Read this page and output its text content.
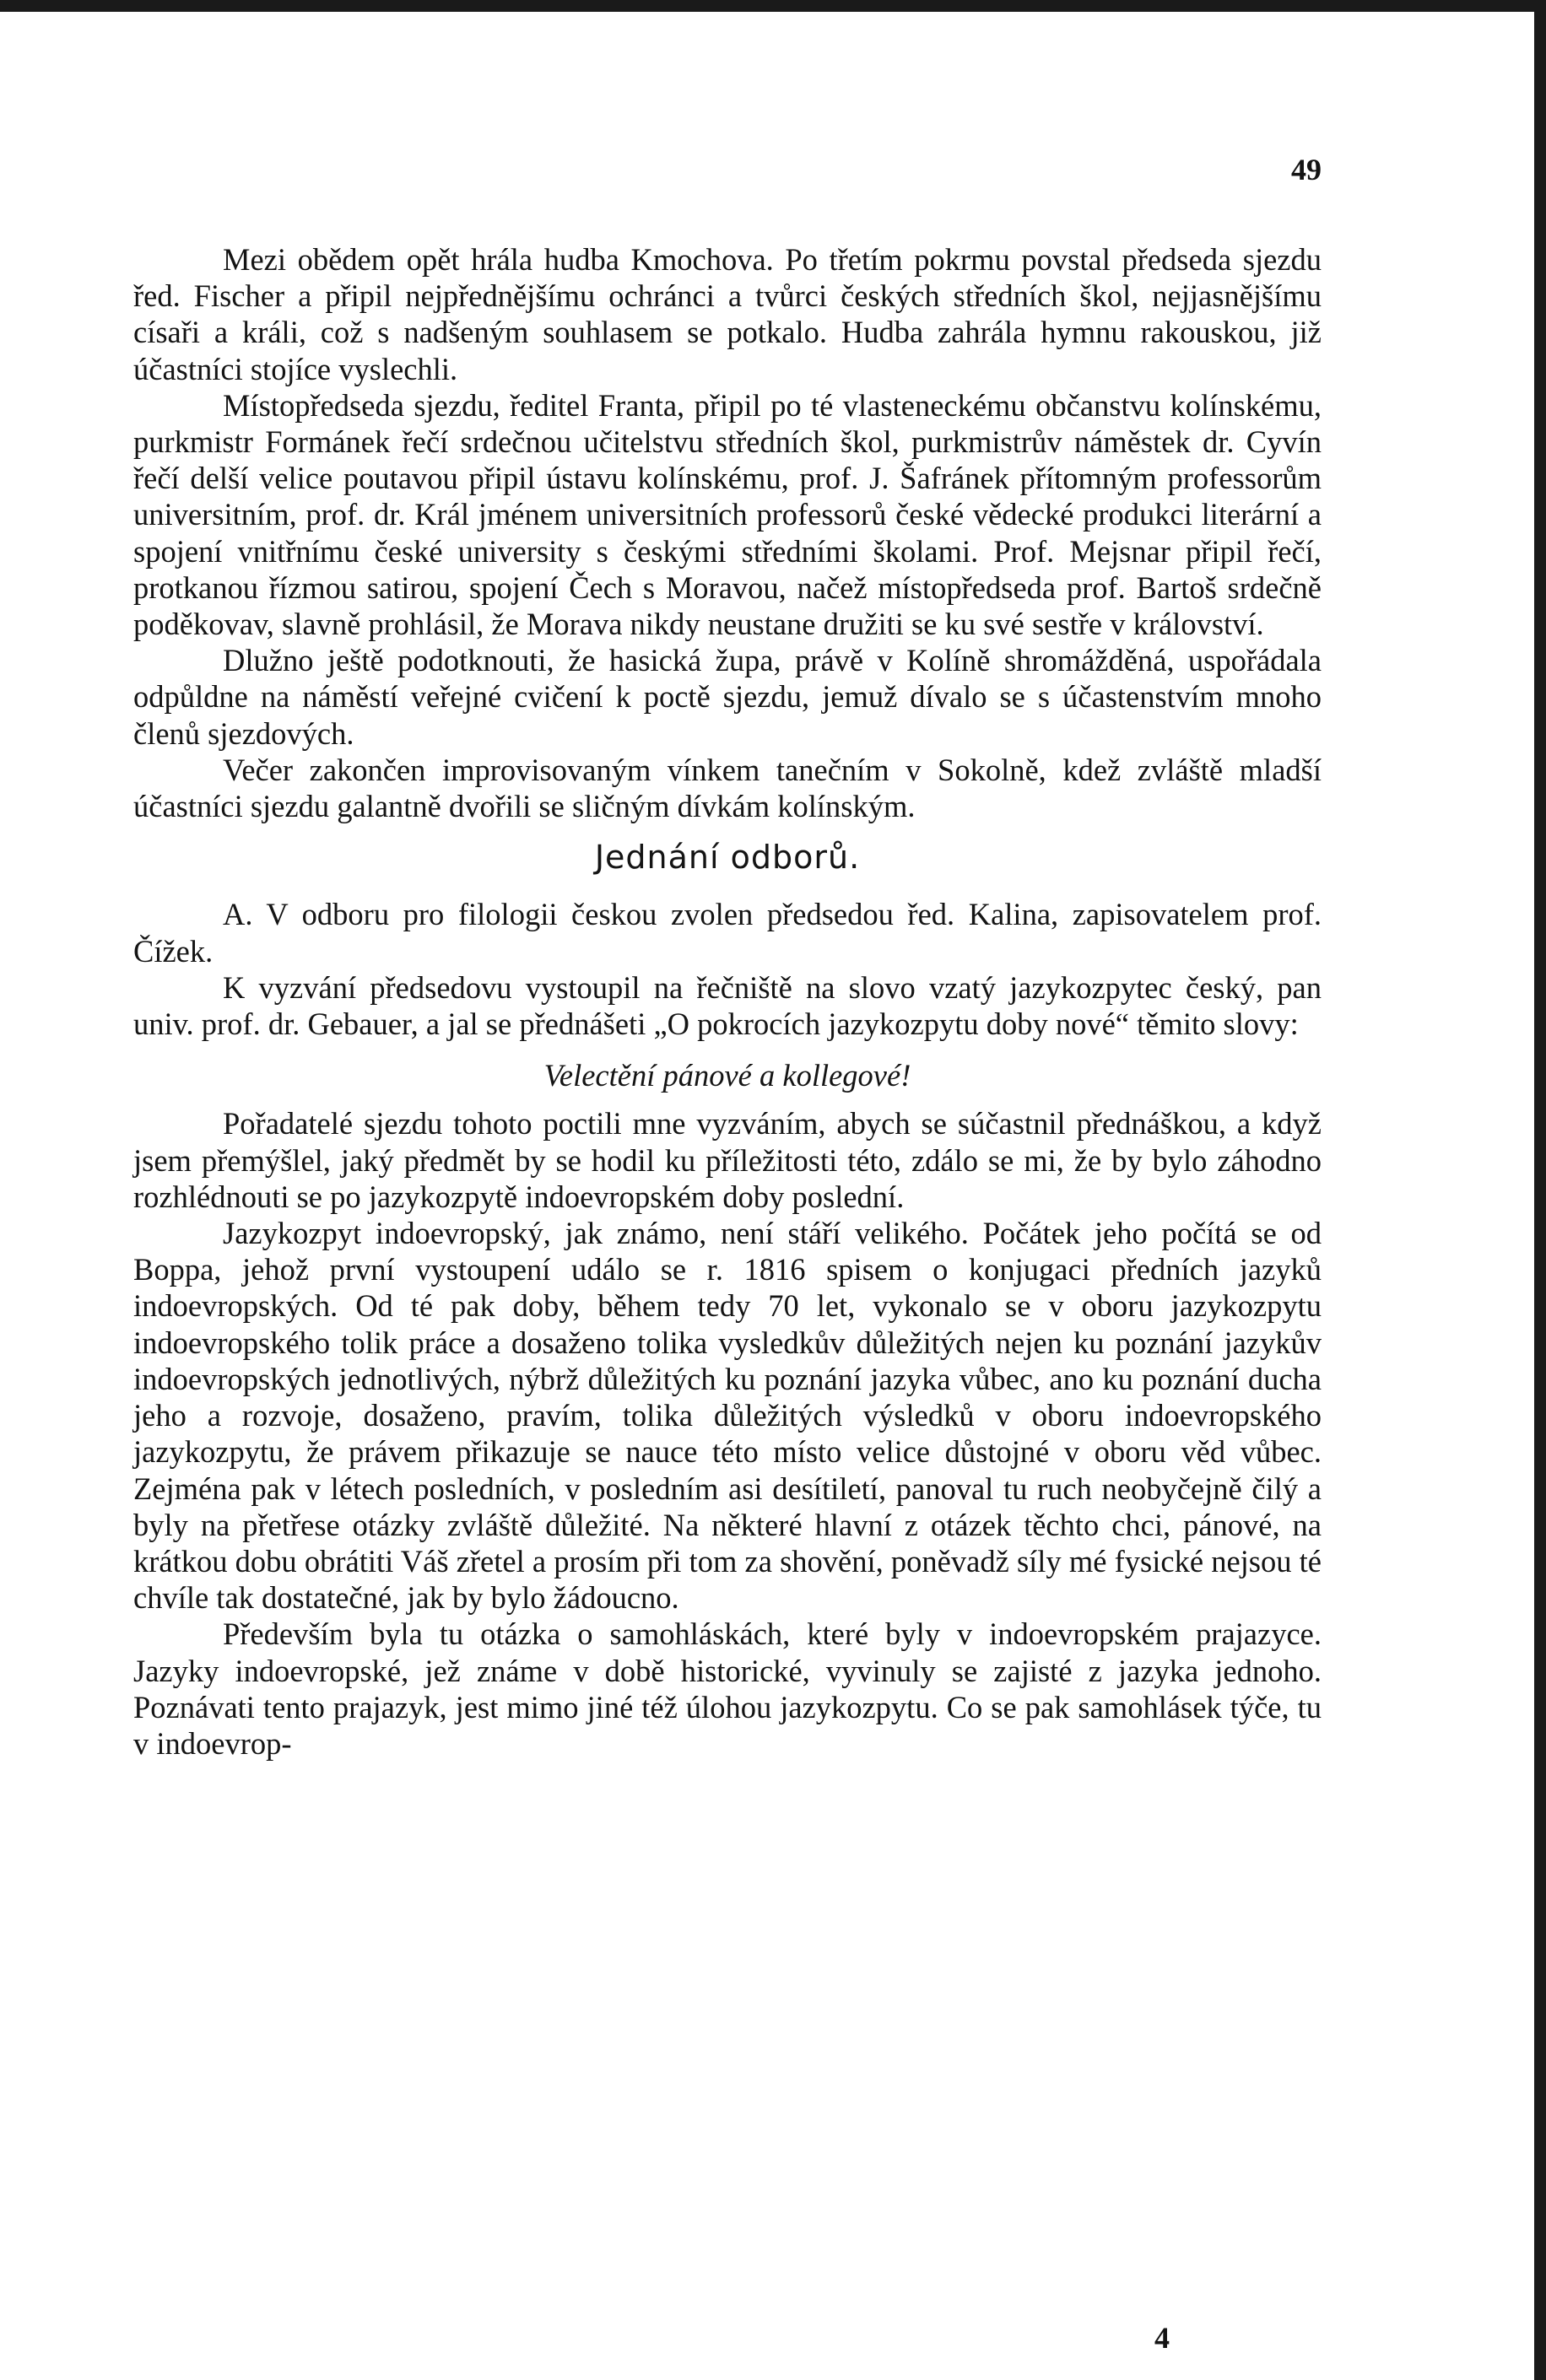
49

Mezi obědem opět hrála hudba Kmochova. Po třetím pokrmu povstal předseda sjezdu řed. Fischer a připil nejpřednějšímu ochránci a tvůrci českých středních škol, nejjasnějšímu císaři a králi, což s nadšeným souhlasem se potkalo. Hudba zahrála hymnu rakouskou, již účastníci stojíce vyslechli.

Místopředseda sjezdu, ředitel Franta, připil po té vlasteneckému občanstvu kolínskému, purkmistr Formánek řečí srdečnou učitelstvu středních škol, purkmistrův náměstek dr. Cyvín řečí delší velice poutavou připil ústavu kolínskému, prof. J. Šafránek přítomným professorům universitním, prof. dr. Král jménem universitních professorů české vědecké produkci literární a spojení vnitřnímu české university s českými středními školami. Prof. Mejsnar připil řečí, protkanou řízmou satirou, spojení Čech s Moravou, načež místopředseda prof. Bartoš srdečně poděkovav, slavně prohlásil, že Morava nikdy neustane družiti se ku své sestře v království.

Dlužno ještě podotknouti, že hasická župa, právě v Kolíně shromážděná, uspořádala odpůldne na náměstí veřejné cvičení k poctě sjezdu, jemuž dívalo se s účastenstvím mnoho členů sjezdových.

Večer zakončen improvisovaným vínkem tanečním v Sokolně, kdež zvláště mladší účastníci sjezdu galantně dvořili se sličným dívkám kolínským.

Jednání odborů.

A. V odboru pro filologii českou zvolen předsedou řed. Kalina, zapisovatelem prof. Čížek.

K vyzvání předsedovu vystoupil na řečniště na slovo vzatý jazykozpytec český, pan univ. prof. dr. Gebauer, a jal se přednášeti „O pokrocích jazykozpytu doby nové“ těmito slovy:

Velectění pánové a kollegové!

Pořadatelé sjezdu tohoto poctili mne vyzváním, abych se súčastnil přednáškou, a když jsem přemýšlel, jaký předmět by se hodil ku příležitosti této, zdálo se mi, že by bylo záhodno rozhlédnouti se po jazykozpytě indoevropském doby poslední.

Jazykozpyt indoevropský, jak známo, není stáří velikého. Počátek jeho počítá se od Boppa, jehož první vystoupení událo se r. 1816 spisem o konjugaci předních jazyků indoevropských. Od té pak doby, během tedy 70 let, vykonalo se v oboru jazykozpytu indoevropského tolik práce a dosaženo tolika vysledkův důležitých nejen ku poznání jazykův indoevropských jednotlivých, nýbrž důležitých ku poznání jazyka vůbec, ano ku poznání ducha jeho a rozvoje, dosaženo, pravím, tolika důležitých výsledků v oboru indoevropského jazykozpytu, že právem přikazuje se nauce této místo velice důstojné v oboru věd vůbec. Zejména pak v létech posledních, v posledním asi desítiletí, panoval tu ruch neobyčejně čilý a byly na přetřese otázky zvláště důležité. Na některé hlavní z otázek těchto chci, pánové, na krátkou dobu obrátiti Váš zřetel a prosím při tom za shovění, poněvadž síly mé fysické nejsou té chvíle tak dostatečné, jak by bylo žádoucno.

Především byla tu otázka o samohláskách, které byly v indoevropském prajazyce. Jazyky indoevropské, jež známe v době historické, vyvinuly se zajisté z jazyka jednoho. Poznávati tento prajazyk, jest mimo jiné též úlohou jazykozpytu. Co se pak samohlásek týče, tu v indoevrop-

4
